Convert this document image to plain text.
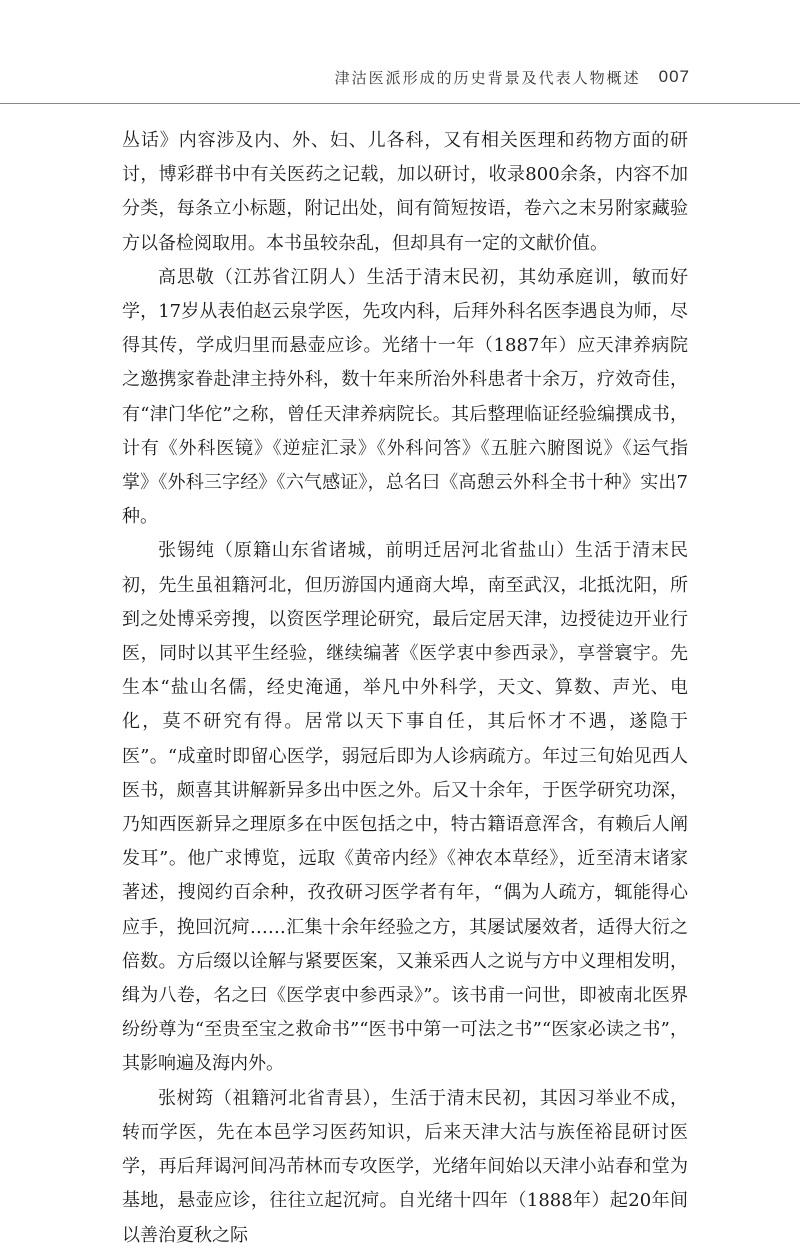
津沽医派形成的历史背景及代表人物概述 007

丛话》内容涉及内、外、妇、儿各科，又有相关医理和药物方面的研讨，博彩群书中有关医药之记载，加以研讨，收录800余条，内容不加分类，每条立小标题，附记出处，间有简短按语，卷六之末另附家藏验方以备检阅取用。本书虽较杂乱，但却具有一定的文献价值。

高思敬（江苏省江阴人）生活于清末民初，其幼承庭训，敏而好学，17岁从表伯赵云泉学医，先攻内科，后拜外科名医李遇良为师，尽得其传，学成归里而悬壶应诊。光绪十一年（1887年）应天津养病院之邀携家眷赴津主持外科，数十年来所治外科患者十余万，疗效奇佳，有“津门华佗”之称，曾任天津养病院长。其后整理临证经验编撰成书，计有《外科医镜》《逆症汇录》《外科问答》《五脏六腑图说》《运气指掌》《外科三字经》《六气感证》，总名曰《高憩云外科全书十种》实出7种。

张锡纯（原籍山东省诸城，前明迁居河北省盐山）生活于清末民初，先生虽祖籍河北，但历游国内通商大埠，南至武汉，北抵沈阳，所到之处博采旁搜，以资医学理论研究，最后定居天津，边授徒边开业行医，同时以其平生经验，继续编著《医学衷中参西录》，享誉寰宇。先生本“盐山名儒，经史淹通，举凡中外科学，天文、算数、声光、电化，莫不研究有得。居常以天下事自任，其后怀才不遇，遂隐于医”。“成童时即留心医学，弱冠后即为人诊病疏方。年过三旬始见西人医书，颇喜其讲解新异多出中医之外。后又十余年，于医学研究功深，乃知西医新异之理原多在中医包括之中，特古籍语意浑含，有赖后人阐发耳”。他广求博览，远取《黄帝内经》《神农本草经》，近至清末诸家著述，搜阅约百余种，孜孜研习医学者有年，“偶为人疏方，辄能得心应手，挽回沉疴……汇集十余年经验之方，其屡试屡效者，适得大衍之倍数。方后缀以诠解与紧要医案，又兼采西人之说与方中义理相发明，缉为八卷，名之曰《医学衷中参西录》”。该书甫一问世，即被南北医界纷纷尊为“至贵至宝之救命书”“医书中第一可法之书”“医家必读之书”，其影响遍及海内外。

张树筠（祖籍河北省青县），生活于清末民初，其因习举业不成，转而学医，先在本邑学习医药知识，后来天津大沽与族侄裕昆研讨医学，再后拜谒河间冯芾林而专攻医学，光绪年间始以天津小站春和堂为基地，悬壶应诊，往往立起沉疴。自光绪十四年（1888年）起20年间以善治夏秋之际
